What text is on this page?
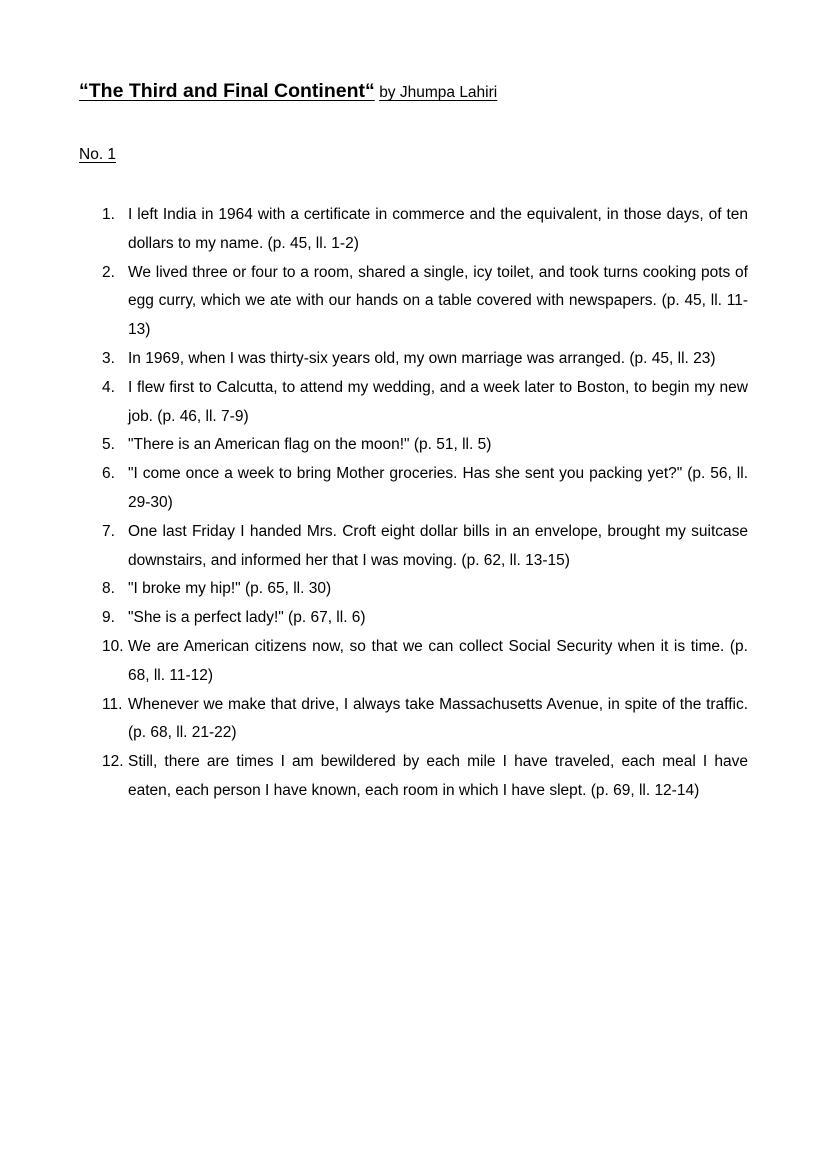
“The Third and Final Continent“ by Jhumpa Lahiri
No. 1
1. I left India in 1964 with a certificate in commerce and the equivalent, in those days, of ten dollars to my name. (p. 45, ll. 1-2)
2. We lived three or four to a room, shared a single, icy toilet, and took turns cooking pots of egg curry, which we ate with our hands on a table covered with newspapers. (p. 45, ll. 11-13)
3. In 1969, when I was thirty-six years old, my own marriage was arranged. (p. 45, ll. 23)
4. I flew first to Calcutta, to attend my wedding, and a week later to Boston, to begin my new job. (p. 46, ll. 7-9)
5. "There is an American flag on the moon!" (p. 51, ll. 5)
6. "I come once a week to bring Mother groceries. Has she sent you packing yet?" (p. 56, ll. 29-30)
7. One last Friday I handed Mrs. Croft eight dollar bills in an envelope, brought my suitcase downstairs, and informed her that I was moving. (p. 62, ll. 13-15)
8. "I broke my hip!" (p. 65, ll. 30)
9. "She is a perfect lady!" (p. 67, ll. 6)
10. We are American citizens now, so that we can collect Social Security when it is time. (p. 68, ll. 11-12)
11. Whenever we make that drive, I always take Massachusetts Avenue, in spite of the traffic. (p. 68, ll. 21-22)
12. Still, there are times I am bewildered by each mile I have traveled, each meal I have eaten, each person I have known, each room in which I have slept. (p. 69, ll. 12-14)
